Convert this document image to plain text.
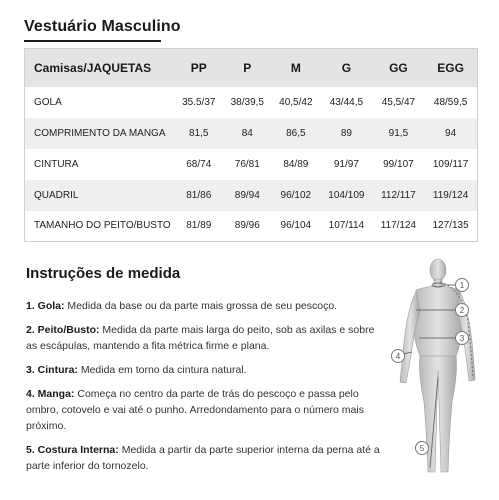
Vestuário Masculino
Camisas/JAQUETAS	PP	P	M	G	GG	EGG
GOLA	35.5/37	38/39,5	40,5/42	43/44,5	45,5/47	48/59,5
COMPRIMENTO DA MANGA	81,5	84	86,5	89	91,5	94
CINTURA	68/74	76/81	84/89	91/97	99/107	109/117
QUADRIL	81/86	89/94	96/102	104/109	112/117	119/124
TAMANHO DO PEITO/BUSTO	81/89	89/96	96/104	107/114	117/124	127/135
Instruções de medida
1. Gola: Medida da base ou da parte mais grossa de seu pescoço.
2. Peito/Busto: Medida da parte mais larga do peito, sob as axilas e sobre as escápulas, mantendo a fita métrica firme e plana.
3. Cintura: Medida em torno da cintura natural.
4. Manga: Começa no centro da parte de trás do pescoço e passa pelo ombro, cotovelo e vai até o punho. Arredondamento para o número mais próximo.
5. Costura Interna: Medida a partir da parte superior interna da perna até a parte inferior do tornozelo.
1
2
3
4
5
